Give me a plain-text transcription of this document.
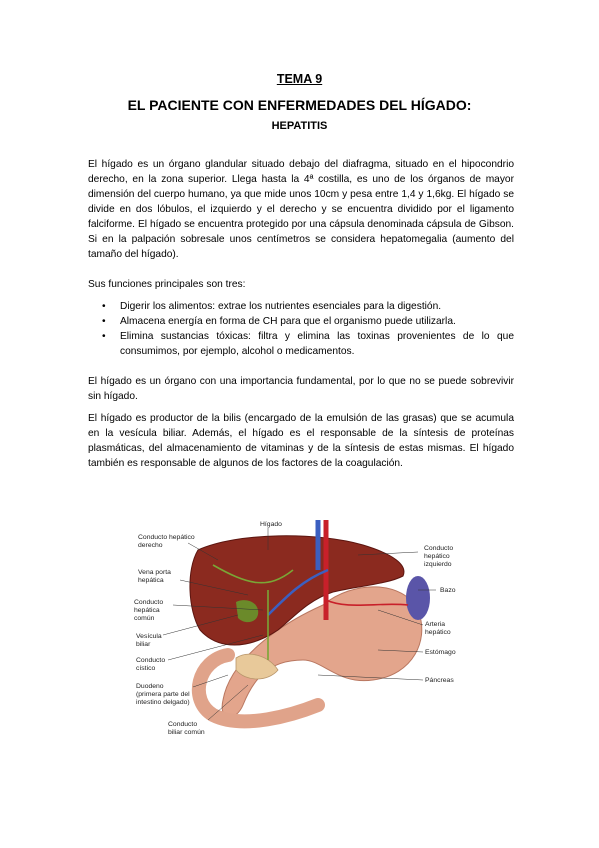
TEMA 9
EL PACIENTE CON ENFERMEDADES DEL HÍGADO:
HEPATITIS
El hígado es un órgano glandular situado debajo del diafragma, situado en el hipocondrio derecho, en la zona superior. Llega hasta la 4ª costilla, es uno de los órganos de mayor dimensión del cuerpo humano, ya que mide unos 10cm y pesa entre 1,4 y 1,6kg. El hígado se divide en dos lóbulos, el izquierdo y el derecho y se encuentra dividido por el ligamento falciforme. El hígado se encuentra protegido por una cápsula denominada cápsula de Gibson. Si en la palpación sobresale unos centímetros se considera hepatomegalia (aumento del tamaño del hígado).
Sus funciones principales son tres:
• Digerir los alimentos: extrae los nutrientes esenciales para la digestión.
• Almacena energía en forma de CH para que el organismo puede utilizarla.
• Elimina sustancias tóxicas: filtra y elimina las toxinas provenientes de lo que consumimos, por ejemplo, alcohol o medicamentos.
El hígado es un órgano con una importancia fundamental, por lo que no se puede sobrevivir sin hígado.
El hígado es productor de la bilis (encargado de la emulsión de las grasas) que se acumula en la vesícula biliar. Además, el hígado es el responsable de la síntesis de proteínas plasmáticas, del almacenamiento de vitaminas y de la síntesis de estas mismas. El hígado también es responsable de algunos de los factores de la coagulación.
Hígado
Conducto hepático derecho
Vena porta hepática
Conducto hepática común
Vesícula biliar
Conducto cístico
Duodeno (primera parte del intestino delgado)
Conducto biliar común
Conducto hepático izquierdo
Bazo
Arteria hepático
Estómago
Páncreas
